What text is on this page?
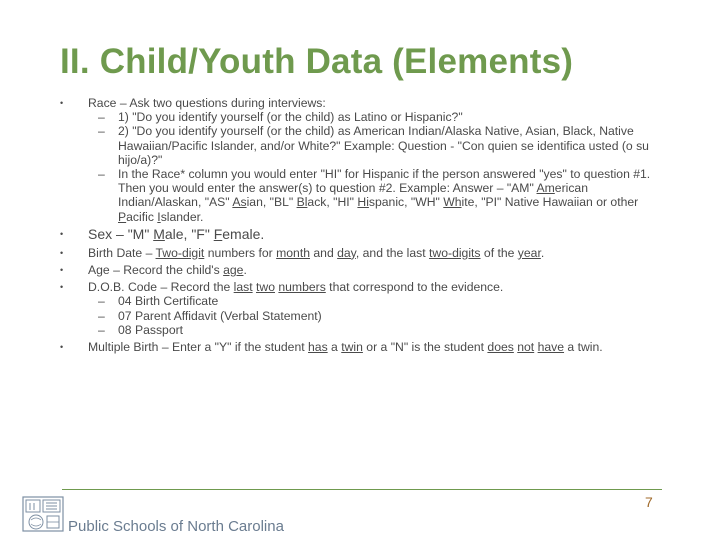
II. Child/Youth Data (Elements)
• Race – Ask two questions during interviews:
– 1) "Do you identify yourself (or the child) as Latino or Hispanic?"
– 2) "Do you identify yourself (or the child) as American Indian/Alaska Native, Asian, Black, Native Hawaiian/Pacific Islander, and/or White?" Example: Question - "Con quien se identifica usted (o su hijo/a)?"
– In the Race* column you would enter "HI" for Hispanic if the person answered "yes" to question #1. Then you would enter the answer(s) to question #2. Example: Answer – "AM" American Indian/Alaskan, "AS" Asian, "BL" Black, "HI" Hispanic, "WH" White, "PI" Native Hawaiian or other Pacific Islander.
• Sex – "M" Male, "F" Female.
• Birth Date – Two-digit numbers for month and day, and the last two-digits of the year.
• Age – Record the child's age.
• D.O.B. Code – Record the last two numbers that correspond to the evidence.
– 04 Birth Certificate
– 07 Parent Affidavit (Verbal Statement)
– 08 Passport
• Multiple Birth – Enter a "Y" if the student has a twin or a "N" is the student does not have a twin.
7
Public Schools of North Carolina
